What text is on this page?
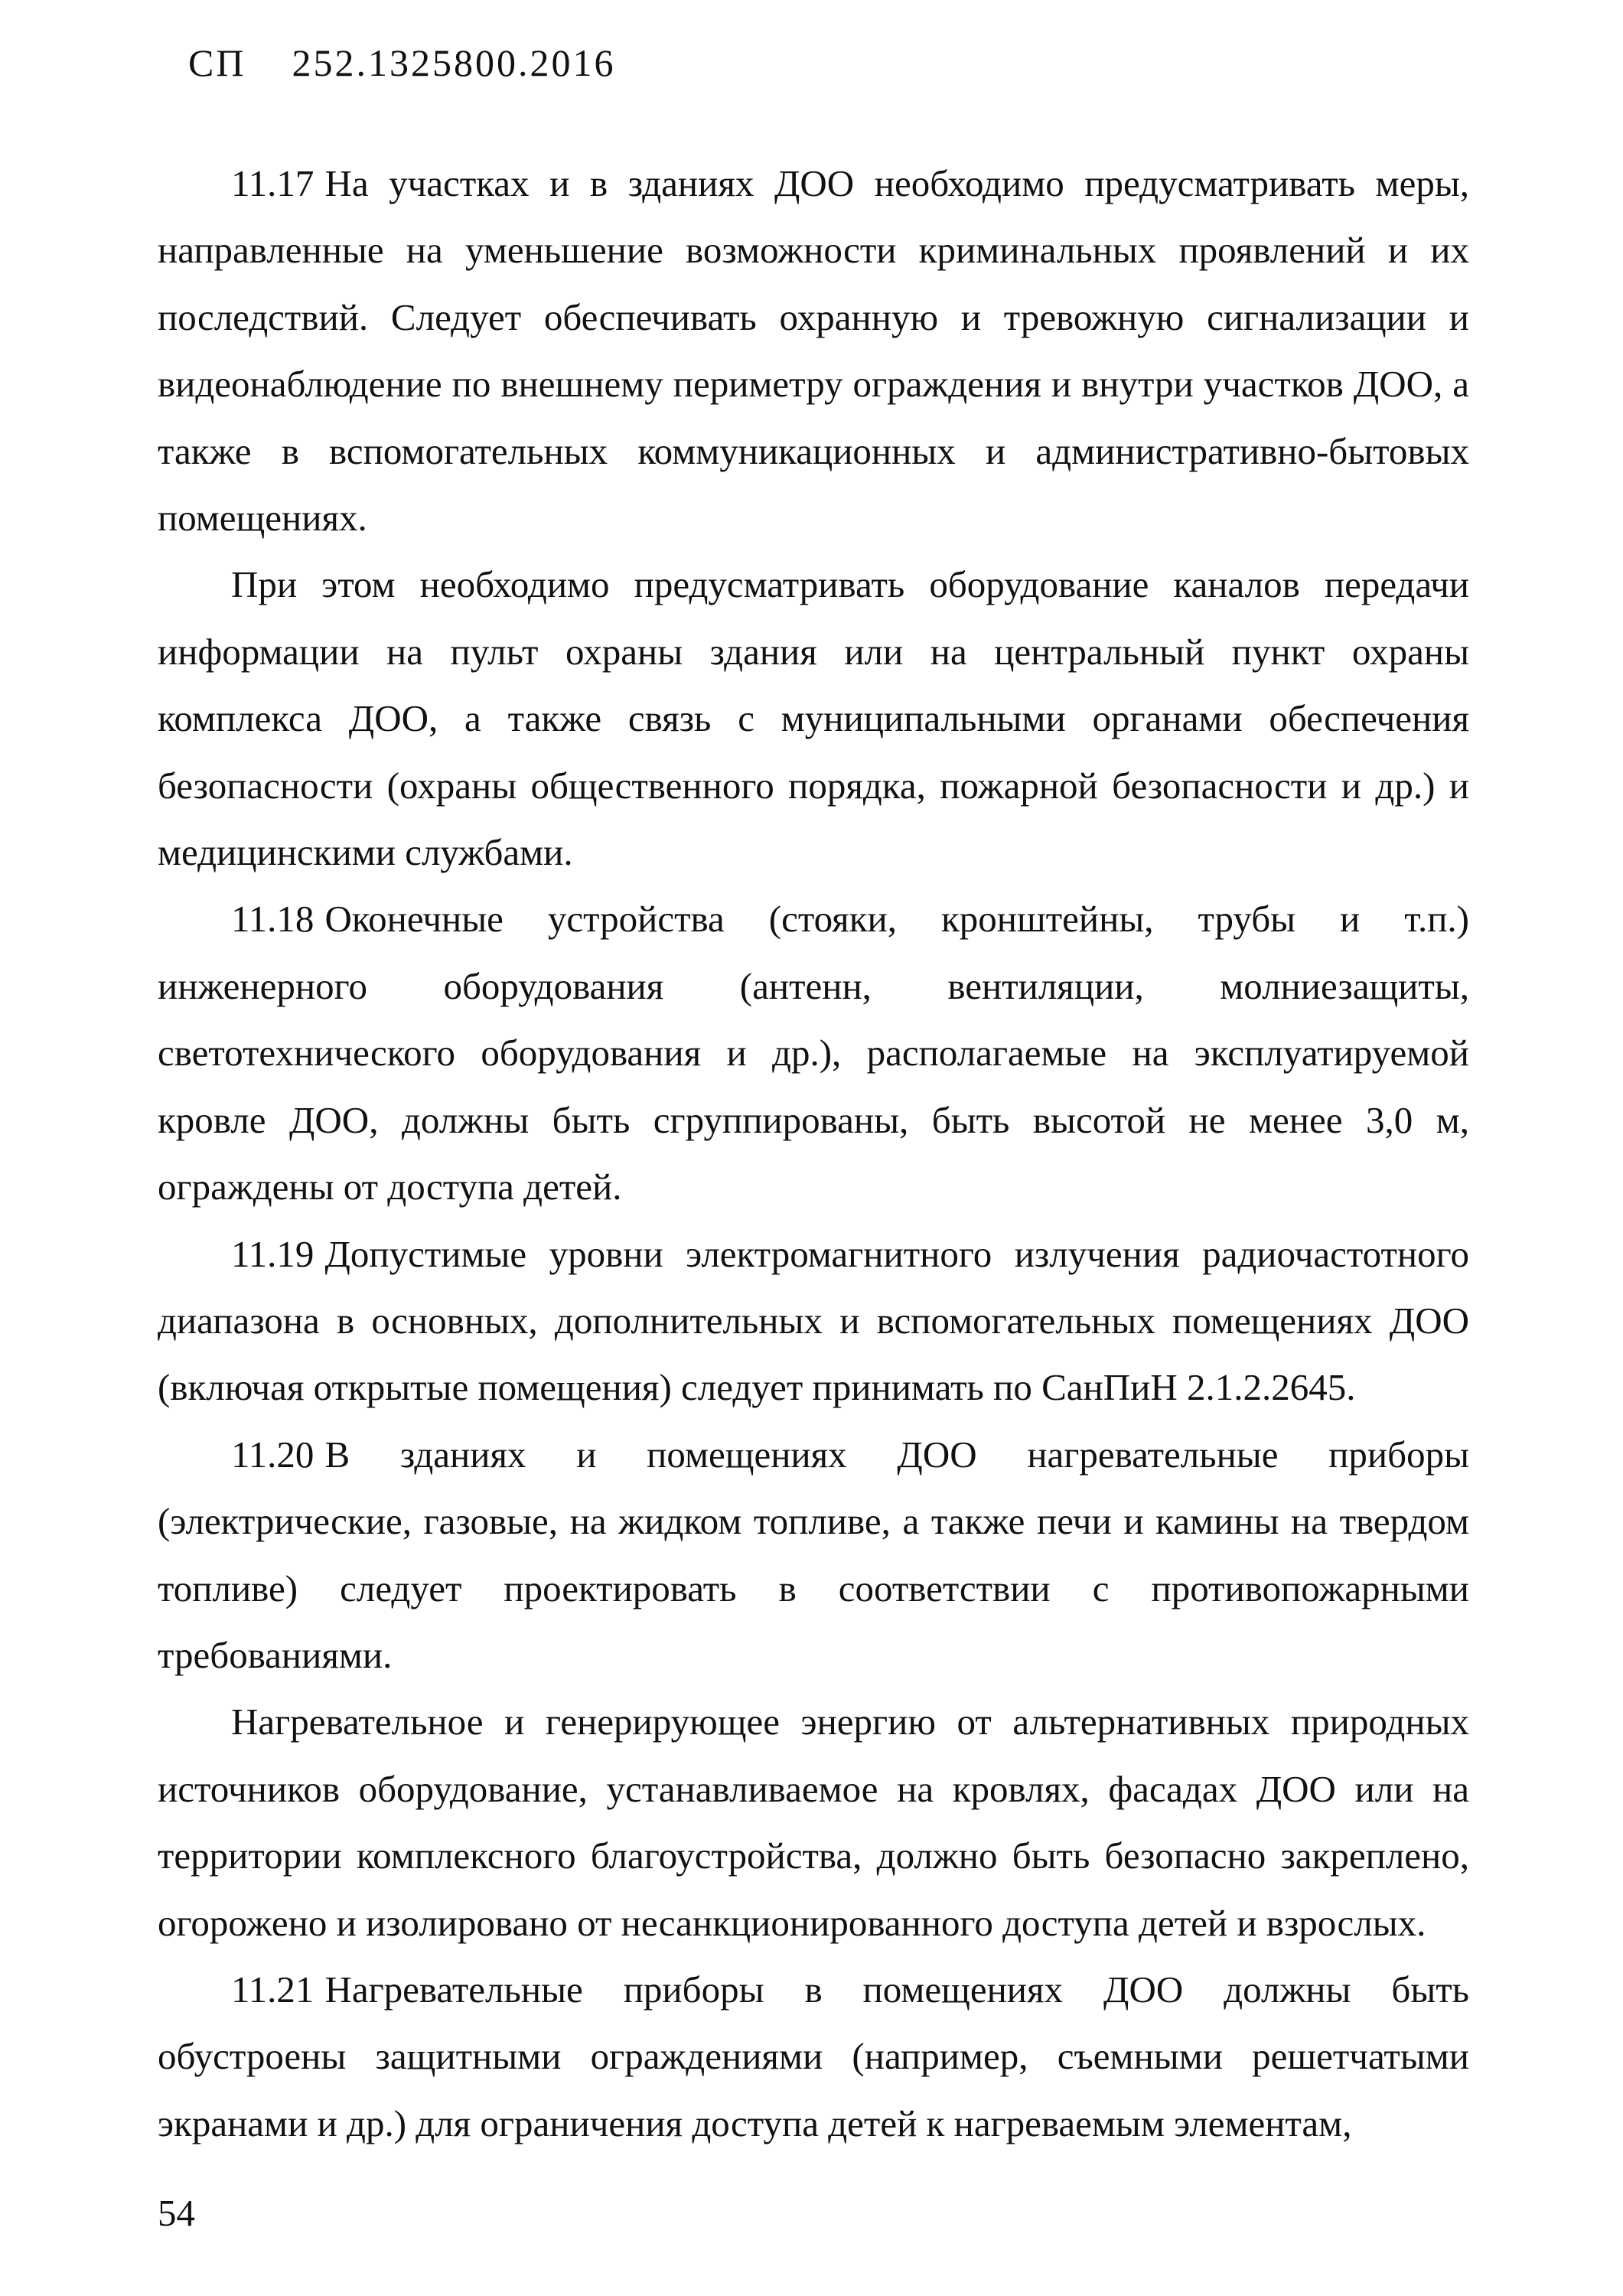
СП 252.1325800.2016

11.17 На участках и в зданиях ДОО необходимо предусматривать меры, направленные на уменьшение возможности криминальных проявлений и их последствий. Следует обеспечивать охранную и тревожную сигнализации и видеонаблюдение по внешнему периметру ограждения и внутри участков ДОО, а также в вспомогательных коммуникационных и административно-бытовых помещениях.

При этом необходимо предусматривать оборудование каналов передачи информации на пульт охраны здания или на центральный пункт охраны комплекса ДОО, а также связь с муниципальными органами обеспечения безопасности (охраны общественного порядка, пожарной безопасности и др.) и медицинскими службами.

11.18 Оконечные устройства (стояки, кронштейны, трубы и т.п.) инженерного оборудования (антенн, вентиляции, молниезащиты, светотехнического оборудования и др.), располагаемые на эксплуатируемой кровле ДОО, должны быть сгруппированы, быть высотой не менее 3,0 м, ограждены от доступа детей.

11.19 Допустимые уровни электромагнитного излучения радиочастотного диапазона в основных, дополнительных и вспомогательных помещениях ДОО (включая открытые помещения) следует принимать по СанПиН 2.1.2.2645.

11.20 В зданиях и помещениях ДОО нагревательные приборы (электрические, газовые, на жидком топливе, а также печи и камины на твердом топливе) следует проектировать в соответствии с противопожарными требованиями.

Нагревательное и генерирующее энергию от альтернативных природных источников оборудование, устанавливаемое на кровлях, фасадах ДОО или на территории комплексного благоустройства, должно быть безопасно закреплено, огорожено и изолировано от несанкционированного доступа детей и взрослых.

11.21 Нагревательные приборы в помещениях ДОО должны быть обустроены защитными ограждениями (например, съемными решетчатыми экранами и др.) для ограничения доступа детей к нагреваемым элементам,

54
